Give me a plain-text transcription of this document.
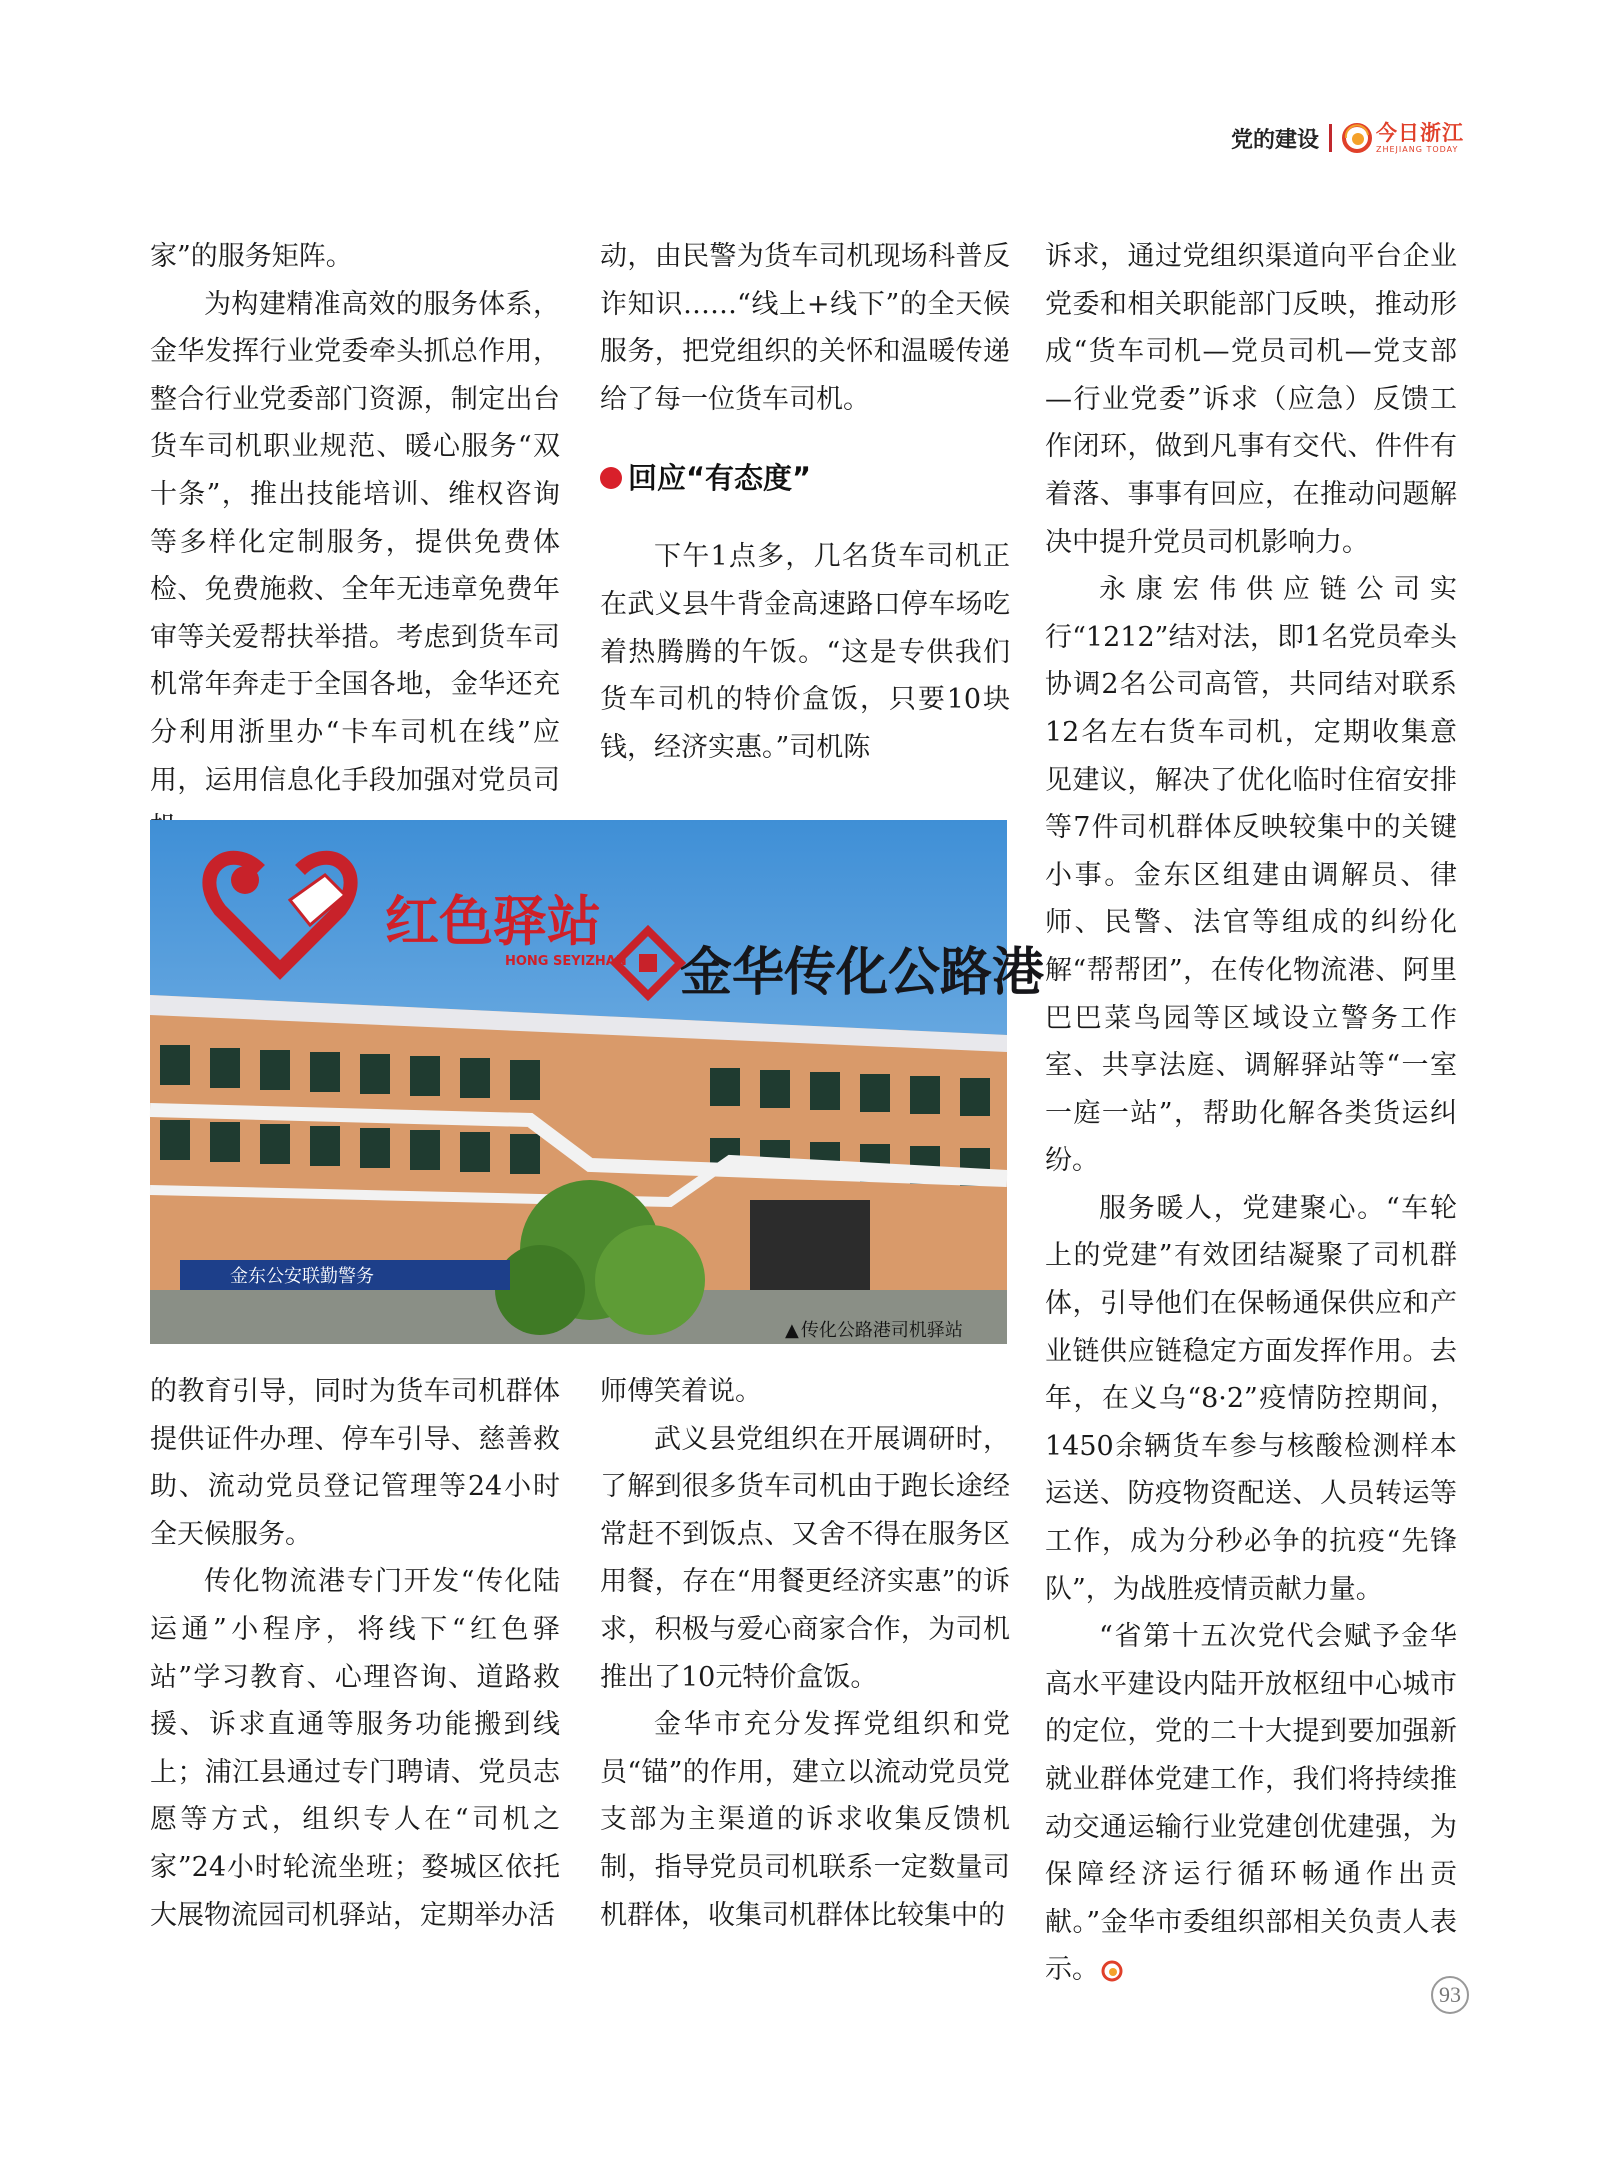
党的建设	今日浙江
ZHEJIANG TODAY

家”的服务矩阵。

为构建精准高效的服务体系，金华发挥行业党委牵头抓总作用，整合行业党委部门资源，制定出台货车司机职业规范、暖心服务“双十条”，推出技能培训、维权咨询等多样化定制服务，提供免费体检、免费施救、全年无违章免费年审等关爱帮扶举措。考虑到货车司机常年奔走于全国各地，金华还充分利用浙里办“卡车司机在线”应用，运用信息化手段加强对党员司

动，由民警为货车司机现场科普反诈知识……“线上+线下”的全天候服务，把党组织的关怀和温暖传递给了每一位货车司机。

回应“有态度”

下午1点多，几名货车司机正在武义县牛背金高速路口停车场吃着热腾腾的午饭。“这是专供我们货车司机的特价盒饭，只要10块钱，经济实惠。”司机陈

诉求，通过党组织渠道向平台企业党委和相关职能部门反映，推动形成“货车司机—党员司机—党支部—行业党委”诉求（应急）反馈工作闭环，做到凡事有交代、件件有着落、事事有回应，在推动问题解决中提升党员司机影响力。

永康宏伟供应链公司实行“1212”结对法，即1名党员牵头协调2名公司高管，共同结对联系12名左右货车司机，定期收集意见建议，解决了优化临时住宿安排等7件司机群体反映较集中的关键小事。金东区组建由调解员、律师、民警、法官等组成的纠纷化解“帮帮团”，在传化物流港、阿里巴巴菜鸟园等区域设立警务工作室、共享法庭、调解驿站等“一室一庭一站”，帮助化解各类货运纠纷。

服务暖人，党建聚心。“车轮上的党建”有效团结凝聚了司机群体，引导他们在保畅通保供应和产业链供应链稳定方面发挥作用。去年，在义乌“8·2”疫情防控期间，1450余辆货车参与核酸检测样本运送、防疫物资配送、人员转运等工作，成为分秒必争的抗疫“先锋队”，为战胜疫情贡献力量。

“省第十五次党代会赋予金华高水平建设内陆开放枢纽中心城市的定位，党的二十大提到要加强新就业群体党建工作，我们将持续推动交通运输行业党建创优建强，为保障经济运行循环畅通作出贡献。”金华市委组织部相关负责人表示。

金东公安联勤警务
红色驿站
HONG SEYIZHAN 金华传化公路港
▲ 传化公路港司机驿站

的教育引导，同时为货车司机群体提供证件办理、停车引导、慈善救助、流动党员登记管理等24小时全天候服务。

传化物流港专门开发“传化陆运通”小程序，将线下“红色驿站”学习教育、心理咨询、道路救援、诉求直通等服务功能搬到线上；浦江县通过专门聘请、党员志愿等方式，组织专人在“司机之家”24小时轮流坐班；婺城区依托大展物流园司机驿站，定期举办活

师傅笑着说。

武义县党组织在开展调研时，了解到很多货车司机由于跑长途经常赶不到饭点、又舍不得在服务区用餐，存在“用餐更经济实惠”的诉求，积极与爱心商家合作，为司机推出了10元特价盒饭。

金华市充分发挥党组织和党员“锚”的作用，建立以流动党员党支部为主渠道的诉求收集反馈机制，指导党员司机联系一定数量司机群体，收集司机群体比较集中的

93
